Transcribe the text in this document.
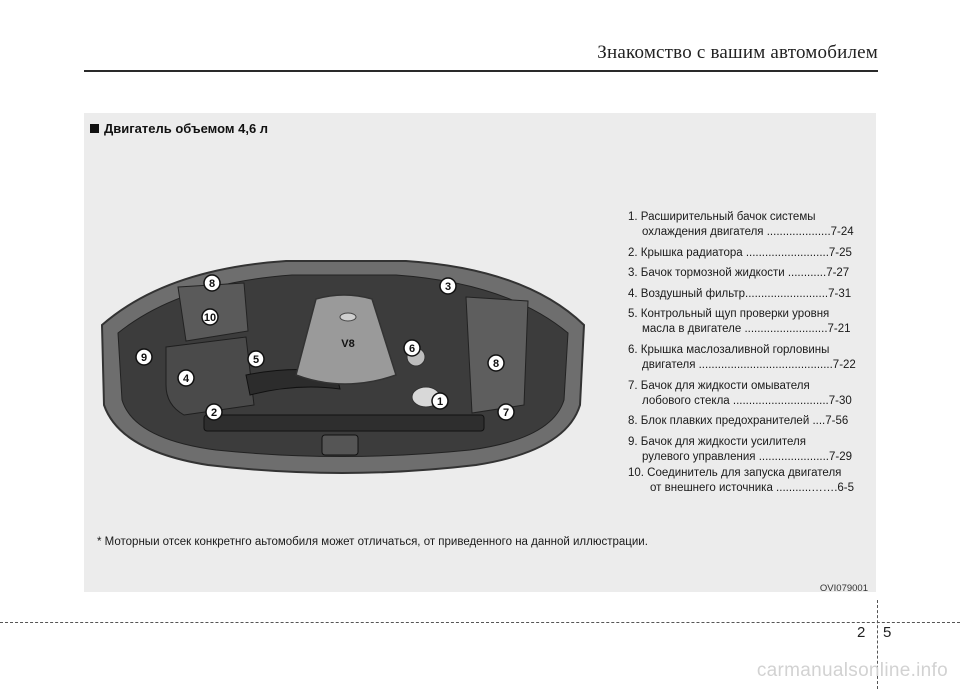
Знакомство с вашим автомобилем
Двигатель объемом 4,6 л
V8
8	3
10
9	5
6
4
8
2
1
7
1. Расширительный бачок системы
охлаждения двигателя ....................7-24
2. Крышка радиатора ..........................7-25
3. Бачок тормозной жидкости ............7-27
4. Воздушный фильтр..........................7-31
5. Контрольный щуп проверки уровня
масла в двигателе ..........................7-21
6. Крышка маслозаливной горловины
двигателя ..........................................7-22
7. Бачок для жидкости омывателя
лобового стекла ..............................7-30
8. Блок плавких предохранителей ....7-56
9. Бачок для жидкости усилителя
рулевого управления ......................7-29
10. Соединитель для запуска двигателя
от внешнего источника ...........…….6-5
* Моторныи отсек конкретнго аьтомобиля может отличаться, от приведенного на данной иллюстрации.
OVI079001
2 5
carmanualsonline.info
